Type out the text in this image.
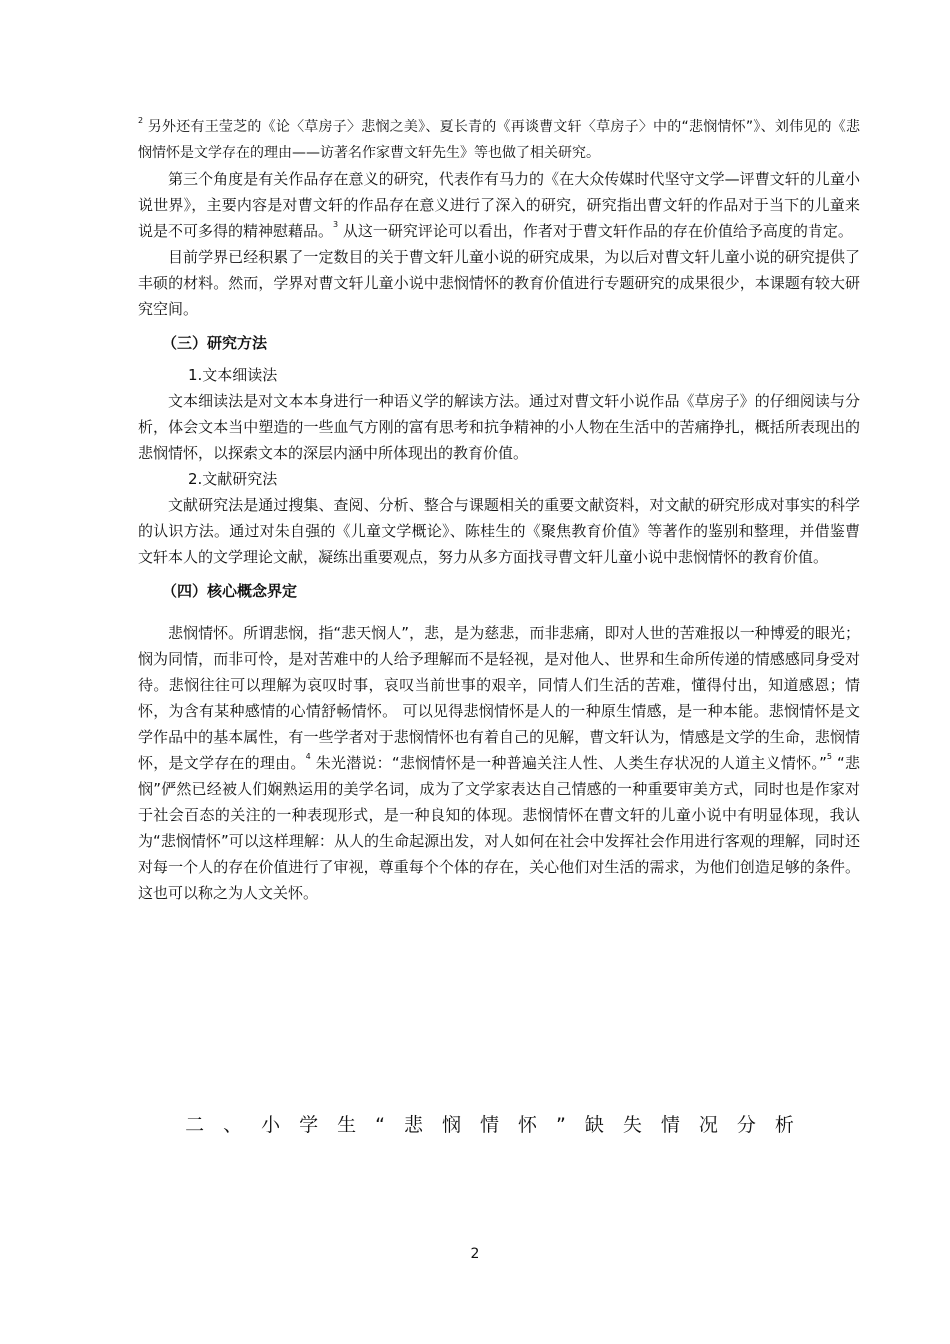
$^2$ 另外还有王莹芝的《论〈草房子〉悲悯之美》、夏长青的《再谈曹文轩〈草房子〉中的“悲悯情怀”》、刘伟见的《悲悯情怀是文学存在的理由——访著名作家曹文轩先生》等也做了相关研究。

第三个角度是有关作品存在意义的研究，代表作有马力的《在大众传媒时代坚守文学—评曹文轩的儿童小说世界》，主要内容是对曹文轩的作品存在意义进行了深入的研究，研究指出曹文轩的作品对于当下的儿童来说是不可多得的精神慰藉品。$^3$ 从这一研究评论可以看出，作者对于曹文轩作品的存在价值给予高度的肯定。

目前学界已经积累了一定数目的关于曹文轩儿童小说的研究成果，为以后对曹文轩儿童小说的研究提供了丰硕的材料。然而，学界对曹文轩儿童小说中悲悯情怀的教育价值进行专题研究的成果很少，本课题有较大研究空间。

（三）研究方法
1.文本细读法

文本细读法是对文本本身进行一种语义学的解读方法。通过对曹文轩小说作品《草房子》的仔细阅读与分析，体会文本当中塑造的一些血气方刚的富有思考和抗争精神的小人物在生活中的苦痛挣扎，概括所表现出的悲悯情怀，以探索文本的深层内涵中所体现出的教育价值。

2.文献研究法

文献研究法是通过搜集、查阅、分析、整合与课题相关的重要文献资料，对文献的研究形成对事实的科学的认识方法。通过对朱自强的《儿童文学概论》、陈桂生的《聚焦教育价值》等著作的鉴别和整理，并借鉴曹文轩本人的文学理论文献，凝练出重要观点，努力从多方面找寻曹文轩儿童小说中悲悯情怀的教育价值。

（四）核心概念界定

悲悯情怀。所谓悲悯，指“悲天悯人”，悲，是为慈悲，而非悲痛，即对人世的苦难报以一种博爱的眼光；悯为同情，而非可怜，是对苦难中的人给予理解而不是轻视，是对他人、世界和生命所传递的情感感同身受对待。悲悯往往可以理解为哀叹时事，哀叹当前世事的艰辛，同情人们生活的苦难，懂得付出，知道感恩；情怀，为含有某种感情的心情舒畅情怀。 可以见得悲悯情怀是人的一种原生情感，是一种本能。悲悯情怀是文学作品中的基本属性，有一些学者对于悲悯情怀也有着自己的见解，曹文轩认为，情感是文学的生命，悲悯情怀，是文学存在的理由。$^4$ 朱光潜说：“悲悯情怀是一种普遍关注人性、人类生存状况的人道主义情怀。”$^5$ “悲悯”俨然已经被人们娴熟运用的美学名词，成为了文学家表达自己情感的一种重要审美方式，同时也是作家对于社会百态的关注的一种表现形式，是一种良知的体现。悲悯情怀在曹文轩的儿童小说中有明显体现，我认为“悲悯情怀”可以这样理解：从人的生命起源出发，对人如何在社会中发挥社会作用进行客观的理解，同时还对每一个人的存在价值进行了审视，尊重每个个体的存在，关心他们对生活的需求，为他们创造足够的条件。这也可以称之为人文关怀。

二、小学生“悲悯情怀”缺失情况分析
2
